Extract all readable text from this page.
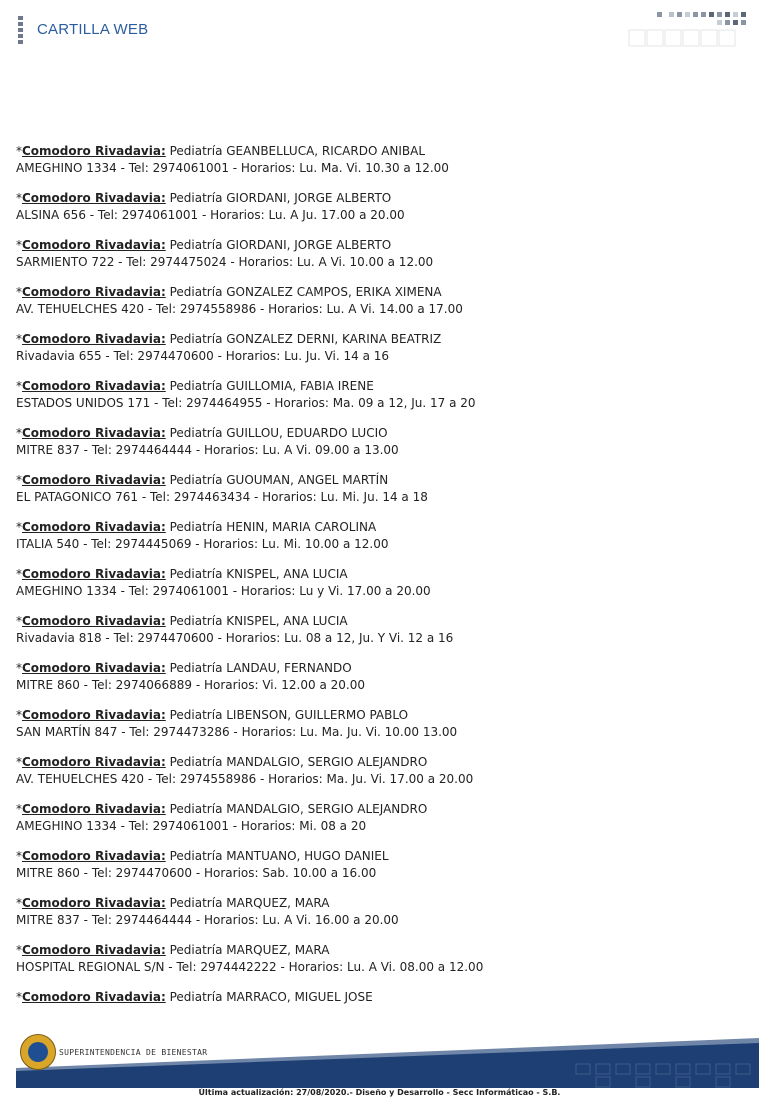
CARTILLA WEB
*Comodoro Rivadavia: Pediatría GEANBELLUCA, RICARDO ANIBAL
AMEGHINO 1334 - Tel: 2974061001 - Horarios: Lu. Ma. Vi. 10.30 a 12.00
*Comodoro Rivadavia: Pediatría GIORDANI, JORGE ALBERTO
ALSINA 656 - Tel: 2974061001 - Horarios: Lu. A Ju. 17.00 a 20.00
*Comodoro Rivadavia: Pediatría GIORDANI, JORGE ALBERTO
SARMIENTO 722 - Tel: 2974475024 - Horarios: Lu. A Vi. 10.00 a 12.00
*Comodoro Rivadavia: Pediatría GONZALEZ CAMPOS, ERIKA XIMENA
AV. TEHUELCHES 420 - Tel: 2974558986 - Horarios: Lu. A Vi. 14.00 a 17.00
*Comodoro Rivadavia: Pediatría GONZALEZ DERNI, KARINA BEATRIZ
Rivadavia 655 - Tel: 2974470600 - Horarios: Lu. Ju. Vi. 14 a 16
*Comodoro Rivadavia: Pediatría GUILLOMIA, FABIA IRENE
ESTADOS UNIDOS 171 - Tel: 2974464955 - Horarios: Ma. 09 a 12, Ju. 17 a 20
*Comodoro Rivadavia: Pediatría GUILLOU, EDUARDO LUCIO
MITRE 837 - Tel: 2974464444 - Horarios: Lu. A Vi. 09.00 a 13.00
*Comodoro Rivadavia: Pediatría GUOUMAN, ANGEL MARTÍN
EL PATAGONICO 761 - Tel: 2974463434 - Horarios: Lu. Mi. Ju. 14 a 18
*Comodoro Rivadavia: Pediatría HENIN, MARIA CAROLINA
ITALIA 540 - Tel: 2974445069 - Horarios: Lu. Mi. 10.00 a 12.00
*Comodoro Rivadavia: Pediatría KNISPEL, ANA LUCIA
AMEGHINO 1334 - Tel: 2974061001 - Horarios: Lu y Vi. 17.00 a 20.00
*Comodoro Rivadavia: Pediatría KNISPEL, ANA LUCIA
Rivadavia 818 - Tel: 2974470600 - Horarios: Lu. 08 a 12, Ju. Y Vi. 12 a 16
*Comodoro Rivadavia: Pediatría LANDAU, FERNANDO
MITRE 860 - Tel: 2974066889 - Horarios: Vi. 12.00 a 20.00
*Comodoro Rivadavia: Pediatría LIBENSON, GUILLERMO PABLO
SAN MARTÍN 847 - Tel: 2974473286 - Horarios: Lu. Ma. Ju. Vi. 10.00 13.00
*Comodoro Rivadavia: Pediatría MANDALGIO, SERGIO ALEJANDRO
AV. TEHUELCHES 420 - Tel: 2974558986 - Horarios: Ma. Ju. Vi. 17.00 a 20.00
*Comodoro Rivadavia: Pediatría MANDALGIO, SERGIO ALEJANDRO
AMEGHINO 1334 - Tel: 2974061001 - Horarios: Mi. 08 a 20
*Comodoro Rivadavia: Pediatría MANTUANO, HUGO DANIEL
MITRE 860 - Tel: 2974470600 - Horarios: Sab. 10.00 a 16.00
*Comodoro Rivadavia: Pediatría MARQUEZ, MARA
MITRE 837 - Tel: 2974464444 - Horarios: Lu. A Vi. 16.00 a 20.00
*Comodoro Rivadavia: Pediatría MARQUEZ, MARA
HOSPITAL REGIONAL S/N - Tel: 2974442222 - Horarios: Lu. A Vi. 08.00 a 12.00
*Comodoro Rivadavia: Pediatría MARRACO, MIGUEL JOSE
SUPERINTENDENCIA DE BIENESTAR
Última actualización: 27/08/2020.- Diseño y Desarrollo - Secc Informáticao - S.B.
